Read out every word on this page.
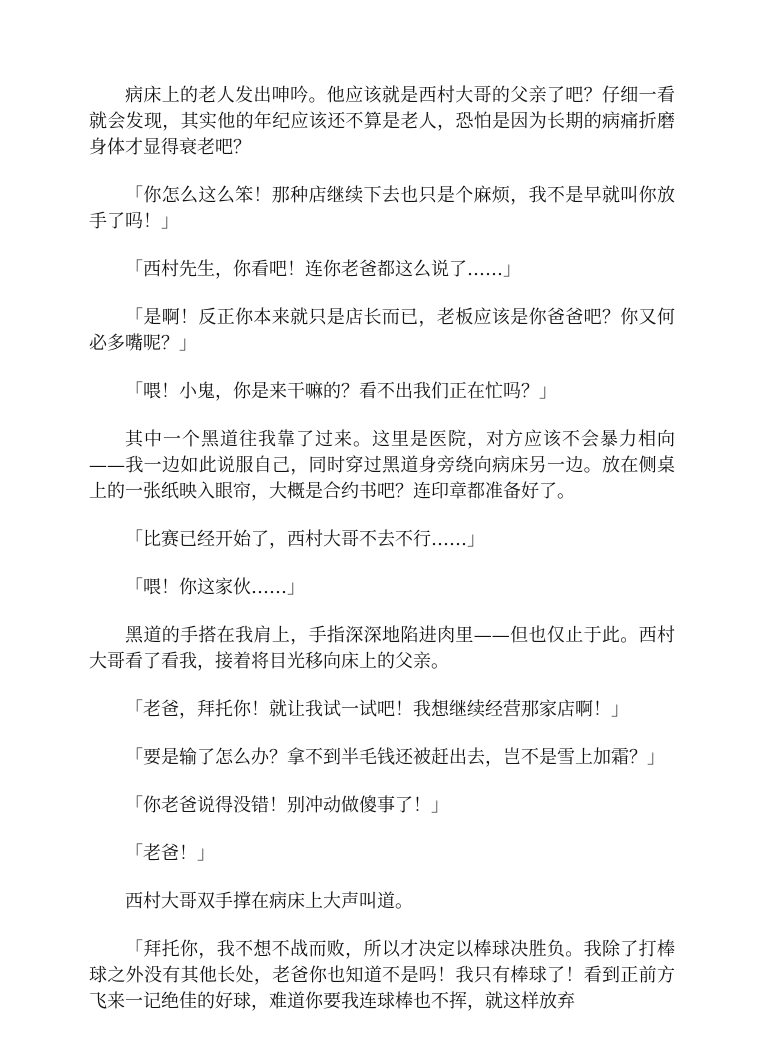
病床上的老人发出呻吟。他应该就是西村大哥的父亲了吧？仔细一看就会发现，其实他的年纪应该还不算是老人，恐怕是因为长期的病痛折磨身体才显得衰老吧？

「你怎么这么笨！那种店继续下去也只是个麻烦，我不是早就叫你放手了吗！」

「西村先生，你看吧！连你老爸都这么说了……」

「是啊！反正你本来就只是店长而已，老板应该是你爸爸吧？你又何必多嘴呢？」

「喂！小鬼，你是来干嘛的？看不出我们正在忙吗？」

其中一个黑道往我靠了过来。这里是医院，对方应该不会暴力相向——我一边如此说服自己，同时穿过黑道身旁绕向病床另一边。放在侧桌上的一张纸映入眼帘，大概是合约书吧？连印章都准备好了。

「比赛已经开始了，西村大哥不去不行……」

「喂！你这家伙……」

黑道的手搭在我肩上，手指深深地陷进肉里——但也仅止于此。西村大哥看了看我，接着将目光移向床上的父亲。

「老爸，拜托你！就让我试一试吧！我想继续经营那家店啊！」

「要是输了怎么办？拿不到半毛钱还被赶出去，岂不是雪上加霜？」

「你老爸说得没错！别冲动做傻事了！」

「老爸！」

西村大哥双手撑在病床上大声叫道。

「拜托你，我不想不战而败，所以才决定以棒球决胜负。我除了打棒球之外没有其他长处，老爸你也知道不是吗！我只有棒球了！看到正前方飞来一记绝佳的好球，难道你要我连球棒也不挥，就这样放弃
